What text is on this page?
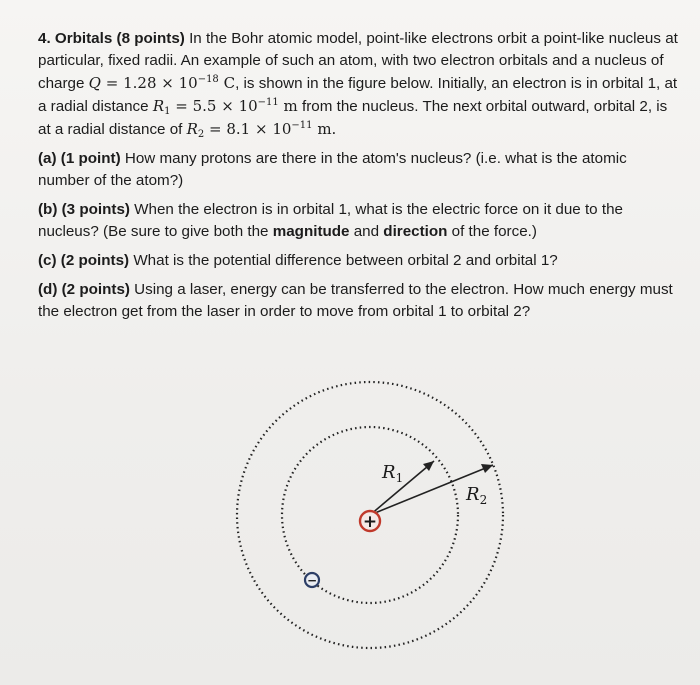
4. Orbitals (8 points) In the Bohr atomic model, point-like electrons orbit a point-like nucleus at particular, fixed radii. An example of such an atom, with two electron orbitals and a nucleus of charge $Q = 1.28 \times 10^{-18}$ C, is shown in the figure below. Initially, an electron is in orbital 1, at a radial distance $R_1 = 5.5 \times 10^{-11}$ m from the nucleus. The next orbital outward, orbital 2, is at a radial distance of $R_2 = 8.1 \times 10^{-11}$ m.

(a) (1 point) How many protons are there in the atom's nucleus? (i.e. what is the atomic number of the atom?)

(b) (3 points) When the electron is in orbital 1, what is the electric force on it due to the nucleus? (Be sure to give both the magnitude and direction of the force.)

(c) (2 points) What is the potential difference between orbital 2 and orbital 1?

(d) (2 points) Using a laser, energy can be transferred to the electron. How much energy must the electron get from the laser in order to move from orbital 1 to orbital 2?

$R_1$
$R_2$
+
−
